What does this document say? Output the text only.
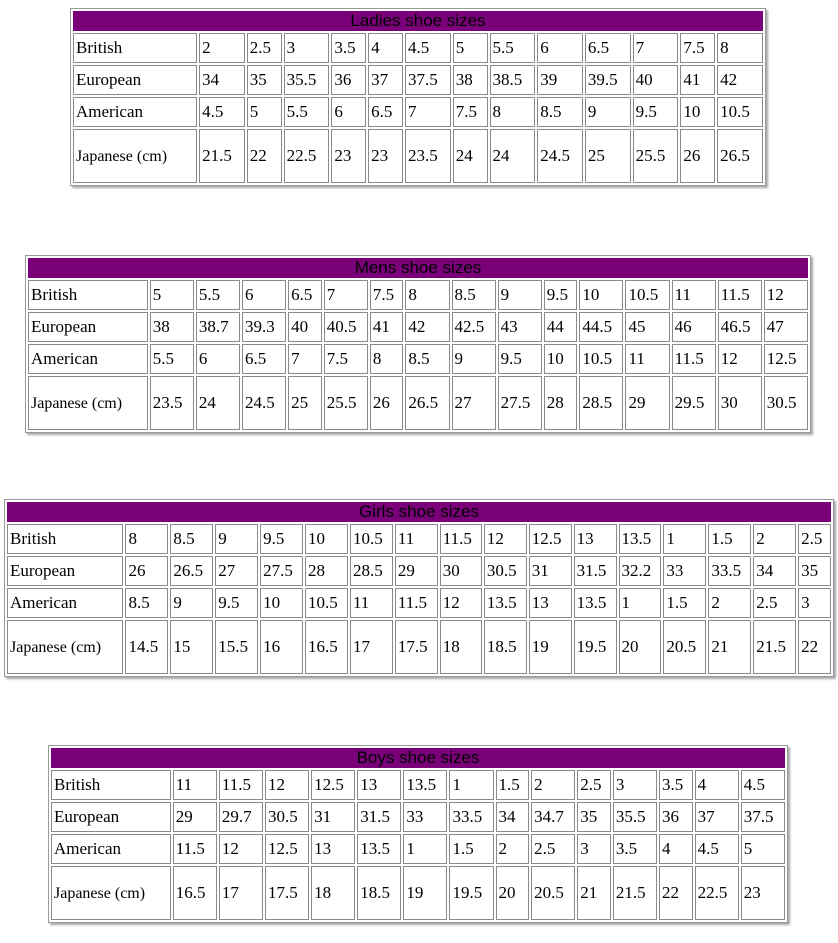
Ladies shoe sizes													
British	2	2.5	3	3.5	4	4.5	5	5.5	6	6.5	7	7.5	8
European	34	35	35.5	36	37	37.5	38	38.5	39	39.5	40	41	42
American	4.5	5	5.5	6	6.5	7	7.5	8	8.5	9	9.5	10	10.5
Japanese (cm)	21.5	22	22.5	23	23	23.5	24	24	24.5	25	25.5	26	26.5
Mens shoe sizes															
British	5	5.5	6	6.5	7	7.5	8	8.5	9	9.5	10	10.5	11	11.5	12
European	38	38.7	39.3	40	40.5	41	42	42.5	43	44	44.5	45	46	46.5	47
American	5.5	6	6.5	7	7.5	8	8.5	9	9.5	10	10.5	11	11.5	12	12.5
Japanese (cm)	23.5	24	24.5	25	25.5	26	26.5	27	27.5	28	28.5	29	29.5	30	30.5
Girls shoe sizes																
British	8	8.5	9	9.5	10	10.5	11	11.5	12	12.5	13	13.5	1	1.5	2	2.5
European	26	26.5	27	27.5	28	28.5	29	30	30.5	31	31.5	32.2	33	33.5	34	35
American	8.5	9	9.5	10	10.5	11	11.5	12	13.5	13	13.5	1	1.5	2	2.5	3
Japanese (cm)	14.5	15	15.5	16	16.5	17	17.5	18	18.5	19	19.5	20	20.5	21	21.5	22
Boys shoe sizes														
British	11	11.5	12	12.5	13	13.5	1	1.5	2	2.5	3	3.5	4	4.5
European	29	29.7	30.5	31	31.5	33	33.5	34	34.7	35	35.5	36	37	37.5
American	11.5	12	12.5	13	13.5	1	1.5	2	2.5	3	3.5	4	4.5	5
Japanese (cm)	16.5	17	17.5	18	18.5	19	19.5	20	20.5	21	21.5	22	22.5	23
